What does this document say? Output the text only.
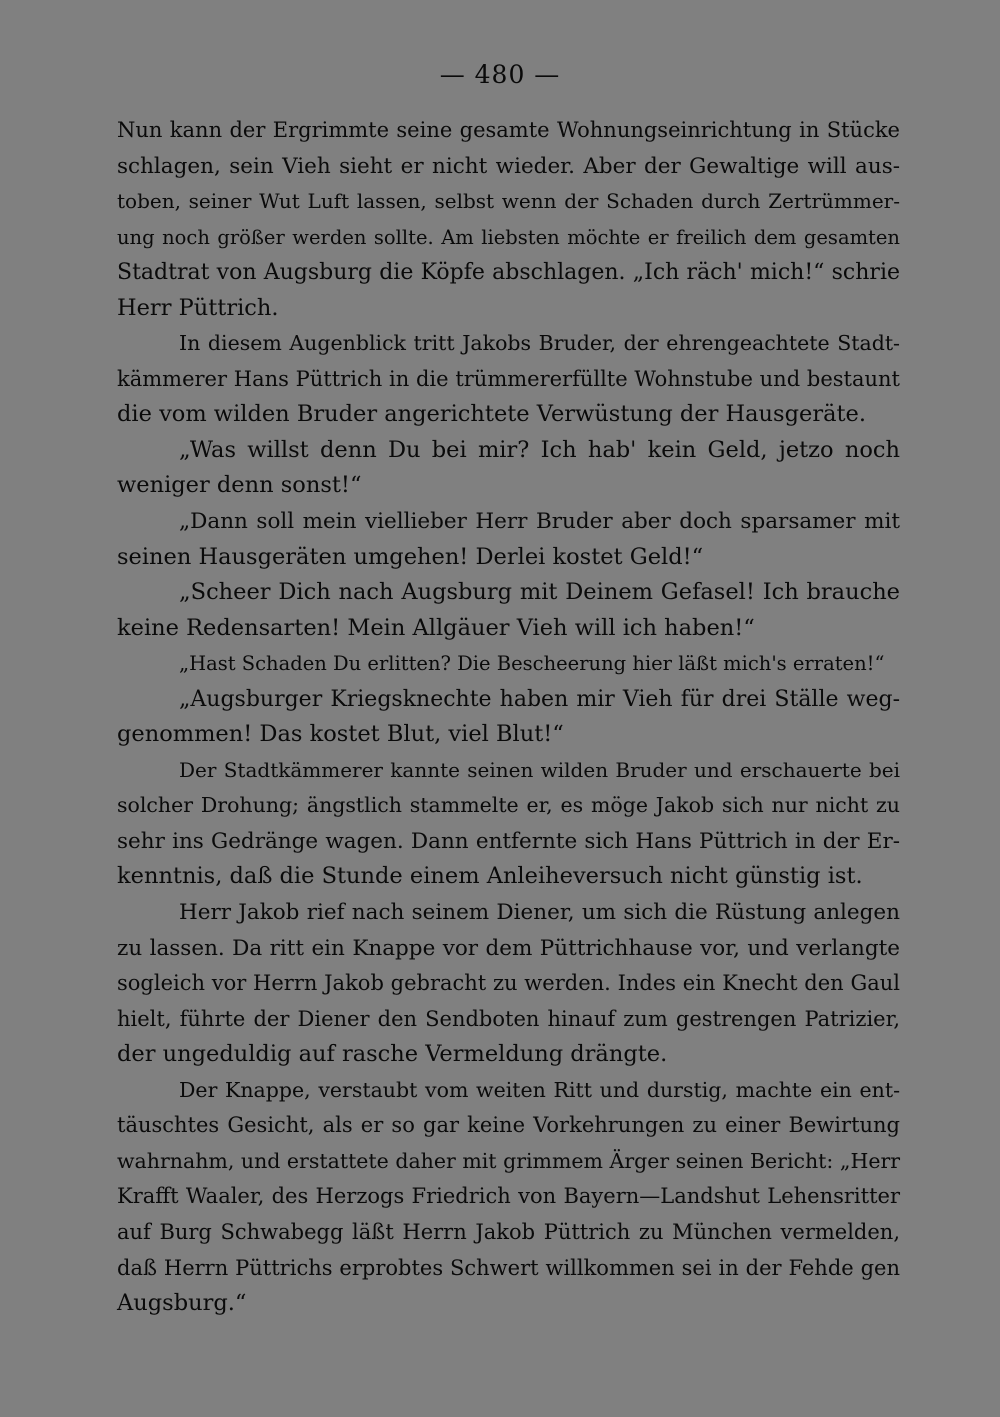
— 480 —
Nun kann der Ergrimmte seine gesamte Wohnungseinrichtung in Stücke
schlagen, sein Vieh sieht er nicht wieder. Aber der Gewaltige will aus-
toben, seiner Wut Luft lassen, selbst wenn der Schaden durch Zertrümmer-
ung noch größer werden sollte. Am liebsten möchte er freilich dem gesamten
Stadtrat von Augsburg die Köpfe abschlagen. „Ich räch' mich!“ schrie
Herr Püttrich.
In diesem Augenblick tritt Jakobs Bruder, der ehrengeachtete Stadt-
kämmerer Hans Püttrich in die trümmererfüllte Wohnstube und bestaunt
die vom wilden Bruder angerichtete Verwüstung der Hausgeräte.
„Was willst denn Du bei mir? Ich hab' kein Geld, jetzo noch
weniger denn sonst!“
„Dann soll mein viellieber Herr Bruder aber doch sparsamer mit
seinen Hausgeräten umgehen! Derlei kostet Geld!“
„Scheer Dich nach Augsburg mit Deinem Gefasel! Ich brauche
keine Redensarten! Mein Allgäuer Vieh will ich haben!“
„Hast Schaden Du erlitten? Die Bescheerung hier läßt mich's erraten!“
„Augsburger Kriegsknechte haben mir Vieh für drei Ställe weg-
genommen! Das kostet Blut, viel Blut!“
Der Stadtkämmerer kannte seinen wilden Bruder und erschauerte bei
solcher Drohung; ängstlich stammelte er, es möge Jakob sich nur nicht zu
sehr ins Gedränge wagen. Dann entfernte sich Hans Püttrich in der Er-
kenntnis, daß die Stunde einem Anleiheversuch nicht günstig ist.
Herr Jakob rief nach seinem Diener, um sich die Rüstung anlegen
zu lassen. Da ritt ein Knappe vor dem Püttrichhause vor, und verlangte
sogleich vor Herrn Jakob gebracht zu werden. Indes ein Knecht den Gaul
hielt, führte der Diener den Sendboten hinauf zum gestrengen Patrizier,
der ungeduldig auf rasche Vermeldung drängte.
Der Knappe, verstaubt vom weiten Ritt und durstig, machte ein ent-
täuschtes Gesicht, als er so gar keine Vorkehrungen zu einer Bewirtung
wahrnahm, und erstattete daher mit grimmem Ärger seinen Bericht: „Herr
Krafft Waaler, des Herzogs Friedrich von Bayern—Landshut Lehensritter
auf Burg Schwabegg läßt Herrn Jakob Püttrich zu München vermelden,
daß Herrn Püttrichs erprobtes Schwert willkommen sei in der Fehde gen
Augsburg.“
